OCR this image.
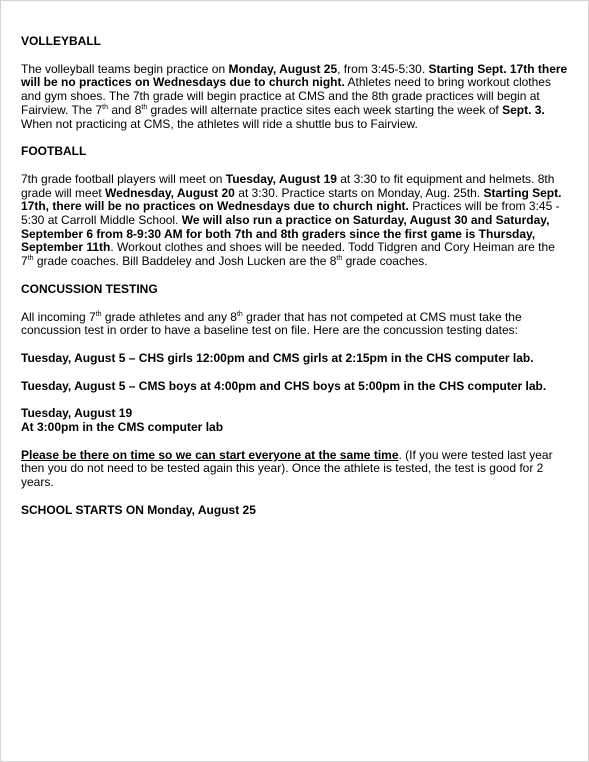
VOLLEYBALL

The volleyball teams begin practice on Monday, August 25, from 3:45-5:30. Starting Sept. 17th there will be no practices on Wednesdays due to church night. Athletes need to bring workout clothes and gym shoes. The 7th grade will begin practice at CMS and the 8th grade practices will begin at Fairview. The 7th and 8th grades will alternate practice sites each week starting the week of Sept. 3. When not practicing at CMS, the athletes will ride a shuttle bus to Fairview.

FOOTBALL

7th grade football players will meet on Tuesday, August 19 at 3:30 to fit equipment and helmets. 8th grade will meet Wednesday, August 20 at 3:30. Practice starts on Monday, Aug. 25th. Starting Sept. 17th, there will be no practices on Wednesdays due to church night. Practices will be from 3:45 - 5:30 at Carroll Middle School. We will also run a practice on Saturday, August 30 and Saturday, September 6 from 8-9:30 AM for both 7th and 8th graders since the first game is Thursday, September 11th. Workout clothes and shoes will be needed. Todd Tidgren and Cory Heiman are the 7th grade coaches. Bill Baddeley and Josh Lucken are the 8th grade coaches.

CONCUSSION TESTING

All incoming 7th grade athletes and any 8th grader that has not competed at CMS must take the concussion test in order to have a baseline test on file. Here are the concussion testing dates:

Tuesday, August 5 – CHS girls 12:00pm and CMS girls at 2:15pm in the CHS computer lab.

Tuesday, August 5 – CMS boys at 4:00pm and CHS boys at 5:00pm in the CHS computer lab.

Tuesday, August 19
At 3:00pm in the CMS computer lab

Please be there on time so we can start everyone at the same time. (If you were tested last year then you do not need to be tested again this year). Once the athlete is tested, the test is good for 2 years.

SCHOOL STARTS ON Monday, August 25
